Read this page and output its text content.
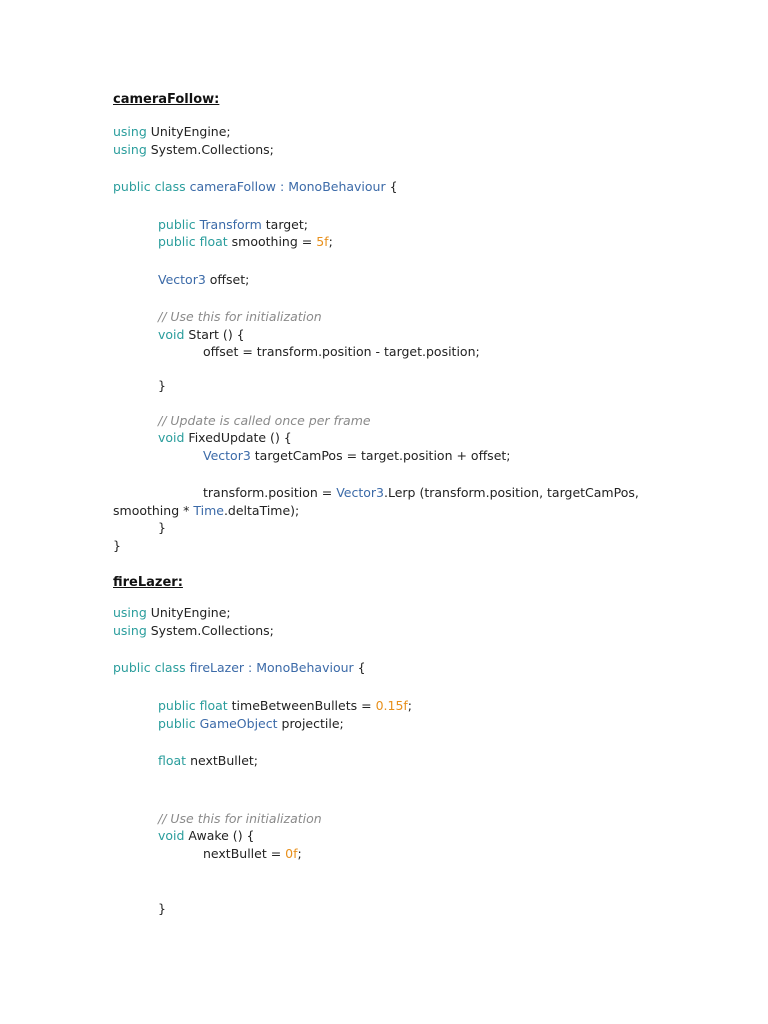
cameraFollow:
using UnityEngine;
using System.Collections;
public class cameraFollow : MonoBehaviour {
public Transform target;
public float smoothing = 5f;
Vector3 offset;
// Use this for initialization
void Start () {
offset = transform.position - target.position;
}
// Update is called once per frame
void FixedUpdate () {
Vector3 targetCamPos = target.position + offset;
transform.position = Vector3.Lerp (transform.position, targetCamPos,
smoothing * Time.deltaTime);
}
}
fireLazer:
using UnityEngine;
using System.Collections;
public class fireLazer : MonoBehaviour {
public float timeBetweenBullets = 0.15f;
public GameObject projectile;
float nextBullet;
// Use this for initialization
void Awake () {
nextBullet = 0f;
}
